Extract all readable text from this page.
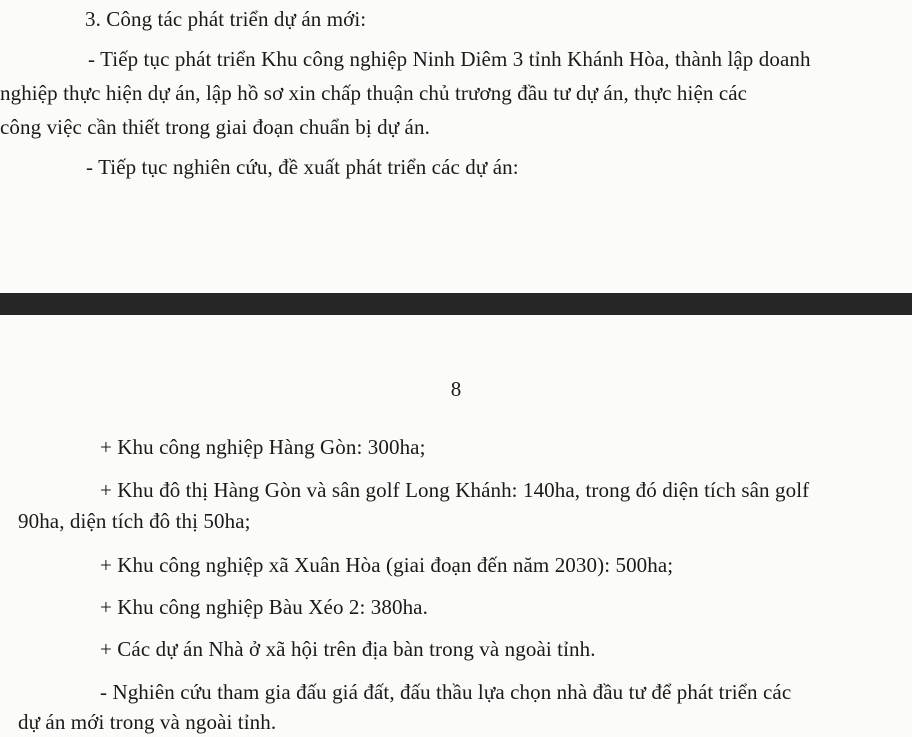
3. Công tác phát triển dự án mới:
- Tiếp tục phát triển Khu công nghiệp Ninh Diêm 3 tỉnh Khánh Hòa, thành lập doanh
nghiệp thực hiện dự án, lập hồ sơ xin chấp thuận chủ trương đầu tư dự án, thực hiện các
công việc cần thiết trong giai đoạn chuẩn bị dự án.
- Tiếp tục nghiên cứu, đề xuất phát triển các dự án:
8
+ Khu công nghiệp Hàng Gòn: 300ha;
+ Khu đô thị Hàng Gòn và sân golf Long Khánh: 140ha, trong đó diện tích sân golf
90ha, diện tích đô thị 50ha;
+ Khu công nghiệp xã Xuân Hòa (giai đoạn đến năm 2030): 500ha;
+ Khu công nghiệp Bàu Xéo 2: 380ha.
+ Các dự án Nhà ở xã hội trên địa bàn trong và ngoài tỉnh.
- Nghiên cứu tham gia đấu giá đất, đấu thầu lựa chọn nhà đầu tư để phát triển các
dự án mới trong và ngoài tỉnh.
